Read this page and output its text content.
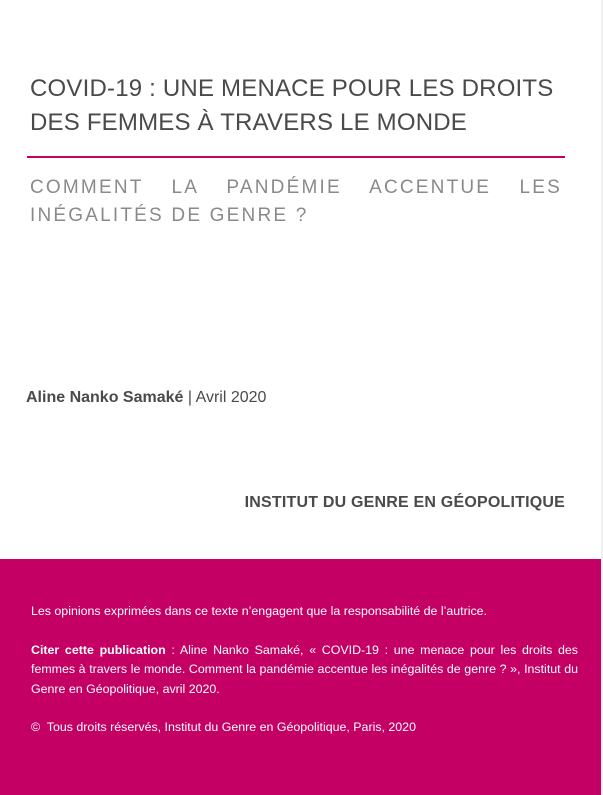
COVID-19 : UNE MENACE POUR LES DROITS DES FEMMES À TRAVERS LE MONDE
COMMENT LA PANDÉMIE ACCENTUE LES INÉGALITÉS DE GENRE ?
Aline Nanko Samaké | Avril 2020
INSTITUT DU GENRE EN GÉOPOLITIQUE

Les opinions exprimées dans ce texte n’engagent que la responsabilité de l’autrice.

Citer cette publication : Aline Nanko Samaké, « COVID-19 : une menace pour les droits des femmes à travers le monde. Comment la pandémie accentue les inégalités de genre ? », Institut du Genre en Géopolitique, avril 2020.

©  Tous droits réservés, Institut du Genre en Géopolitique, Paris, 2020
